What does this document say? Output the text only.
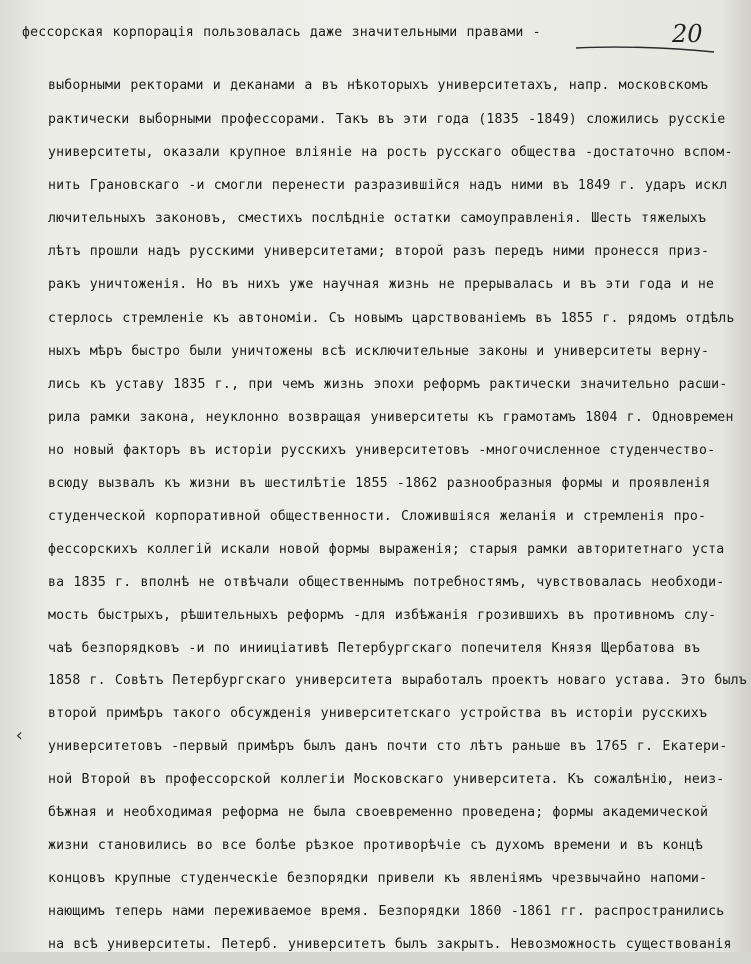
20
‹
фессорская корпорація пользовалась даже значительными правами -
выборными ректорами и деканами а въ нѣкоторыхъ университетахъ, напр. московскомъ
рактически выборными профессорами. Такъ въ эти года (1835 -1849) сложились русскіе
университеты, оказали крупное вліяніе на рость русскаго общества -достаточно вспом-
нить Грановскаго -и смогли перенести разразившійся надъ ними въ 1849 г. ударъ искл
лючительныхъ законовъ, сместихъ послѣдніе остатки самоуправленія. Шесть тяжелыхъ
лѣтъ прошли надъ русскими университетами; второй разъ передъ ними пронесся приз-
ракъ уничтоженія. Но въ нихъ уже научная жизнь не прерывалась и въ эти года и не
стерлось стремленіе къ автономіи. Съ новымъ царствованіемъ въ 1855 г. рядомъ отдѣль
ныхъ мѣръ быстро были уничтожены всѣ исключительные законы и университеты верну-
лись къ уставу 1835 г., при чемъ жизнь эпохи реформъ рактически значительно расши-
рила рамки закона, неуклонно возвращая университеты къ грамотамъ 1804 г. Одновремен
но новый факторъ въ исторіи русскихъ университетовъ -многочисленное студенчество-
всюду вызвалъ къ жизни въ шестилѣтіе 1855 -1862 разнообразныя формы и проявленія
студенческой корпоративной общественности. Сложившіяся желанія и стремленія про-
фессорскихъ коллегій искали новой формы выраженія; старыя рамки авторитетнаго уста
ва 1835 г. вполнѣ не отвѣчали общественнымъ потребностямъ, чувствовалась необходи-
мость быстрыхъ, рѣшительныхъ реформъ -для избѣжанія грозившихъ въ противномъ слу-
чаѣ безпорядковъ -и по инииціативѣ Петербургскаго попечителя Князя Щербатова въ
1858 г. Совѣтъ Петербургскаго университета выработалъ проектъ новаго устава. Это былъ
второй примѣръ такого обсужденія университетскаго устройства въ исторіи русскихъ
университетовъ -первый примѣръ былъ данъ почти сто лѣтъ раньше въ 1765 г. Екатери-
ной Второй въ профессорской коллегіи Московскаго университета. Къ сожалѣнію, неиз-
бѣжная и необходимая реформа не была своевременно проведена; формы академической
жизни становились во все болѣе рѣзкое противорѣчіе съ духомъ времени и въ концѣ
концовъ крупные студенческіе безпорядки привели къ явленіямъ чрезвычайно напоми-
нающимъ теперь нами переживаемое время. Безпорядки 1860 -1861 гг. распространились
на всѣ университеты. Петерб. университетъ былъ закрытъ. Невозможность существованія
